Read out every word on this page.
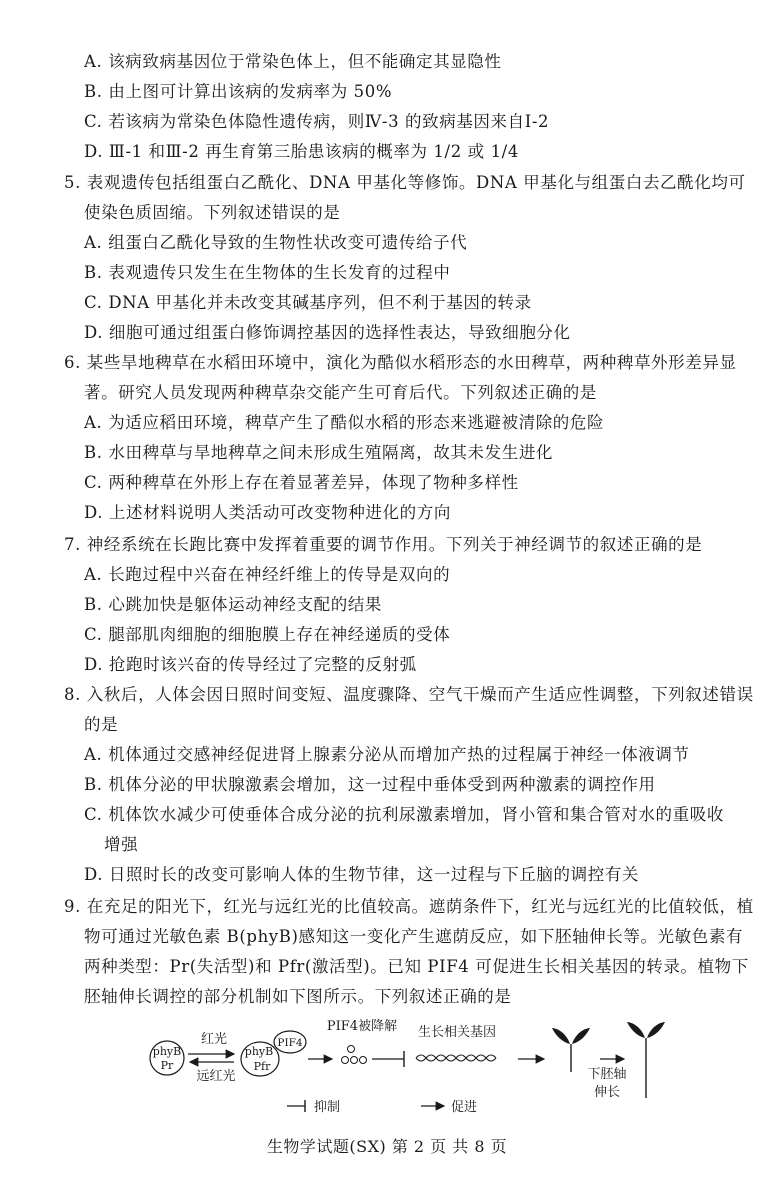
A. 该病致病基因位于常染色体上，但不能确定其显隐性
B. 由上图可计算出该病的发病率为 50%
C. 若该病为常染色体隐性遗传病，则Ⅳ-3 的致病基因来自Ⅰ-2
D. Ⅲ-1 和Ⅲ-2 再生育第三胎患该病的概率为 1/2 或 1/4
5. 表观遗传包括组蛋白乙酰化、DNA 甲基化等修饰。DNA 甲基化与组蛋白去乙酰化均可
使染色质固缩。下列叙述错误的是
A. 组蛋白乙酰化导致的生物性状改变可遗传给子代
B. 表观遗传只发生在生物体的生长发育的过程中
C. DNA 甲基化并未改变其碱基序列，但不利于基因的转录
D. 细胞可通过组蛋白修饰调控基因的选择性表达，导致细胞分化
6. 某些旱地稗草在水稻田环境中，演化为酷似水稻形态的水田稗草，两种稗草外形差异显
著。研究人员发现两种稗草杂交能产生可育后代。下列叙述正确的是
A. 为适应稻田环境，稗草产生了酷似水稻的形态来逃避被清除的危险
B. 水田稗草与旱地稗草之间未形成生殖隔离，故其未发生进化
C. 两种稗草在外形上存在着显著差异，体现了物种多样性
D. 上述材料说明人类活动可改变物种进化的方向
7. 神经系统在长跑比赛中发挥着重要的调节作用。下列关于神经调节的叙述正确的是
A. 长跑过程中兴奋在神经纤维上的传导是双向的
B. 心跳加快是躯体运动神经支配的结果
C. 腿部肌肉细胞的细胞膜上存在神经递质的受体
D. 抢跑时该兴奋的传导经过了完整的反射弧
8. 入秋后，人体会因日照时间变短、温度骤降、空气干燥而产生适应性调整，下列叙述错误
的是
A. 机体通过交感神经促进肾上腺素分泌从而增加产热的过程属于神经一体液调节
B. 机体分泌的甲状腺激素会增加，这一过程中垂体受到两种激素的调控作用
C. 机体饮水减少可使垂体合成分泌的抗利尿激素增加，肾小管和集合管对水的重吸收
增强
D. 日照时长的改变可影响人体的生物节律，这一过程与下丘脑的调控有关
9. 在充足的阳光下，红光与远红光的比值较高。遮荫条件下，红光与远红光的比值较低，植
物可通过光敏色素 B(phyB)感知这一变化产生遮荫反应，如下胚轴伸长等。光敏色素有
两种类型：Pr(失活型)和 Pfr(激活型)。已知 PIF4 可促进生长相关基因的转录。植物下
胚轴伸长调控的部分机制如下图所示。下列叙述正确的是
phyB
Pr
红光
远红光
phyB
Pfr
PIF4
PIF4被降解 生长相关基因
下胚轴
伸长
抑制	促进
生物学试题(SX) 第 2 页 共 8 页
